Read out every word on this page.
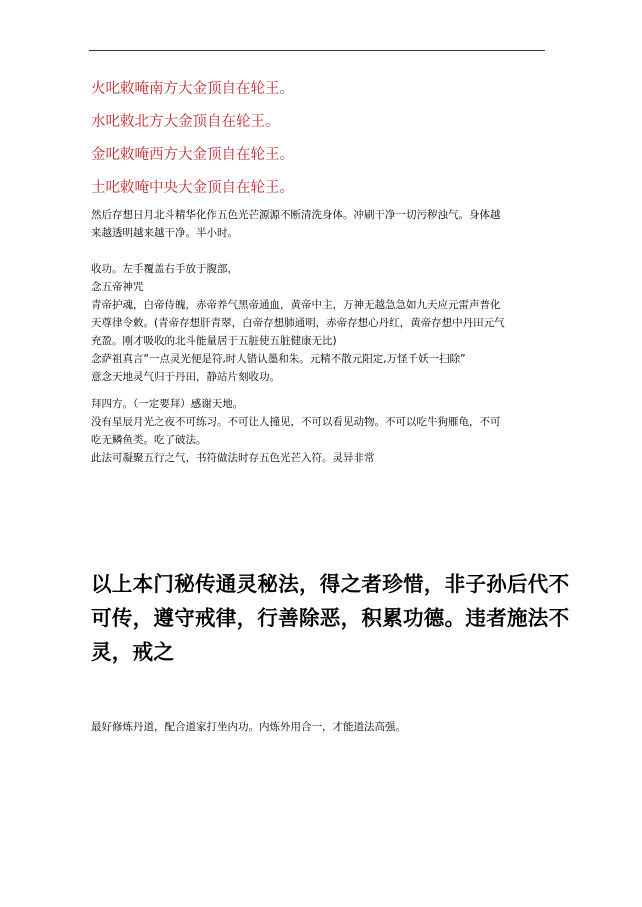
火叱敕唵南方大金顶自在轮王。
水叱敕北方大金顶自在轮王。
金叱敕唵西方大金顶自在轮王。
土叱敕唵中央大金顶自在轮王。
然后存想日月北斗精华化作五色光芒源源不断清洗身体。冲刷干净一切污秽浊气。身体越
来越透明越来越干净。半小时。
收功。左手覆盖右手放于腹部，
念五帝神咒
青帝护魂，白帝侍魄，赤帝养气黑帝通血，黄帝中主，万神无越急急如九天应元雷声普化
天尊律令敕。(青帝存想肝青翠，白帝存想肺通明，赤帝存想心丹红，黄帝存想中丹田元气
充盈。刚才吸收的北斗能量居于五脏使五脏健康无比)
念萨祖真言“一点灵光便是符,时人错认墨和朱。元精不散元阳定,万怪千妖一扫除”
意念天地灵气归于丹田，静站片刻收功。
拜四方。（一定要拜）感谢天地。
没有星辰月光之夜不可练习。不可让人撞见，不可以看见动物。不可以吃牛狗雁龟，不可
吃无鳞鱼类。吃了破法。
此法可凝聚五行之气，书符做法时存五色光芒入符。灵异非常
以上本门秘传通灵秘法，得之者珍惜，非子孙后代不
可传，遵守戒律，行善除恶，积累功德。违者施法不
灵，戒之
最好修炼丹道，配合道家打坐内功。内炼外用合一，才能道法高强。
